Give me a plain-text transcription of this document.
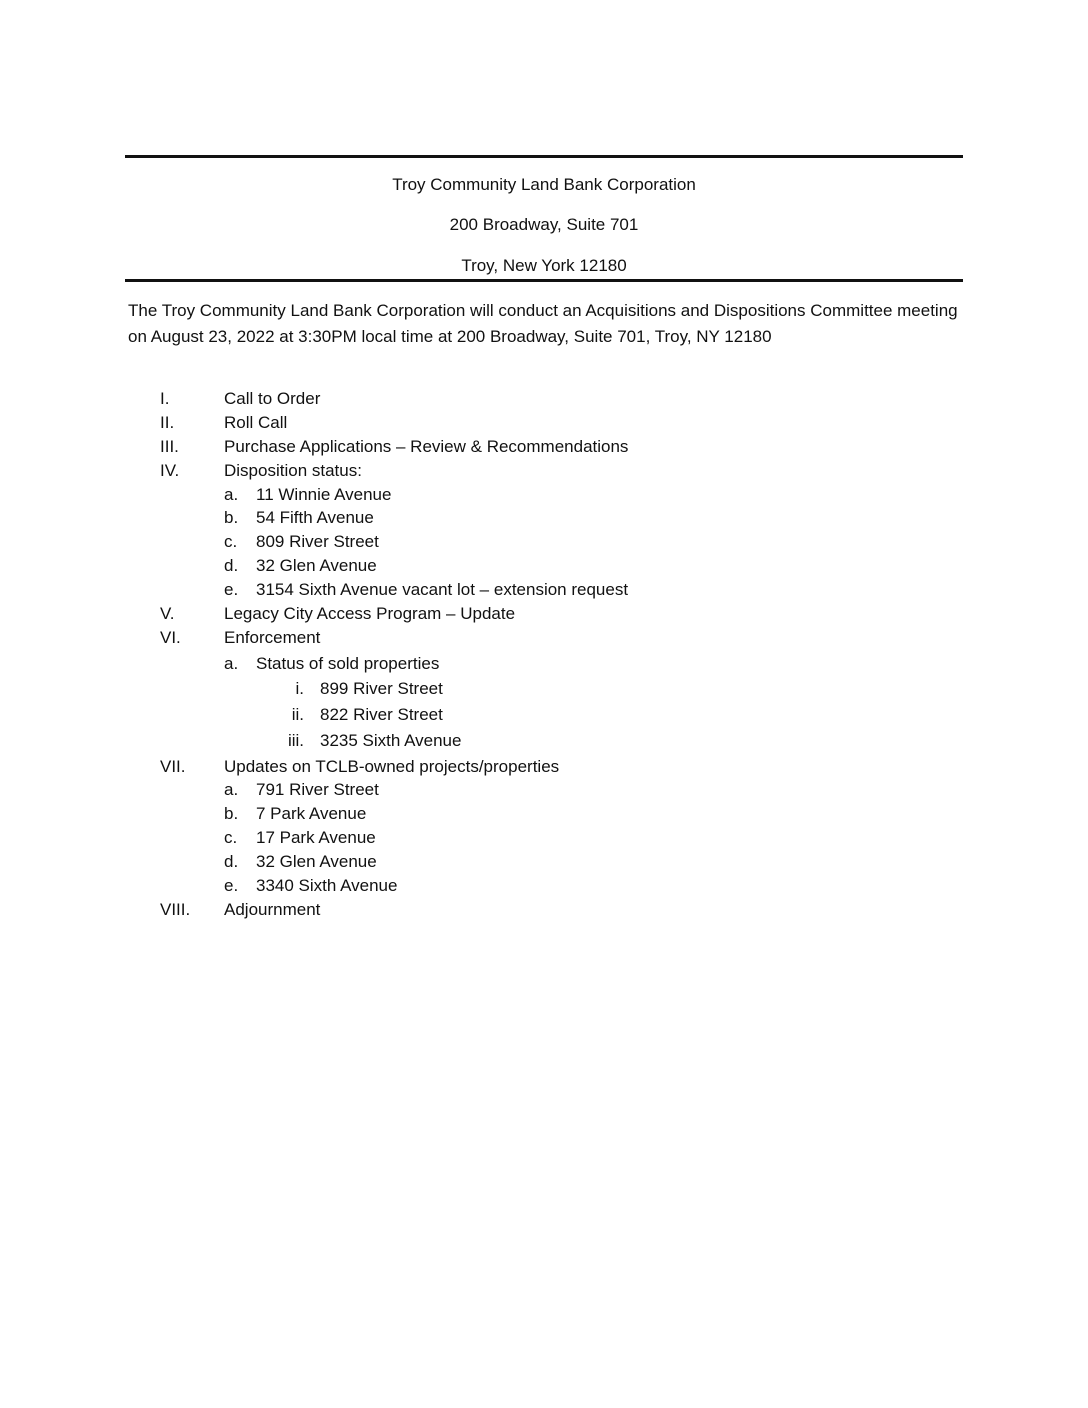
Troy Community Land Bank Corporation
200 Broadway, Suite 701
Troy, New York 12180
The Troy Community Land Bank Corporation will conduct an Acquisitions and Dispositions Committee meeting on August 23, 2022 at 3:30PM local time at 200 Broadway, Suite 701, Troy, NY 12180
I.	Call to Order
II.	Roll Call
III.	Purchase Applications – Review & Recommendations
IV.	Disposition status:
a. 11 Winnie Avenue
b. 54 Fifth Avenue
c. 809 River Street
d. 32 Glen Avenue
e. 3154 Sixth Avenue vacant lot – extension request
V.	Legacy City Access Program – Update
VI.	Enforcement
a. Status of sold properties
i. 899 River Street
ii. 822 River Street
iii. 3235 Sixth Avenue
VII. Updates on TCLB-owned projects/properties
a. 791 River Street
b. 7 Park Avenue
c. 17 Park Avenue
d. 32 Glen Avenue
e. 3340 Sixth Avenue
VIII. Adjournment
